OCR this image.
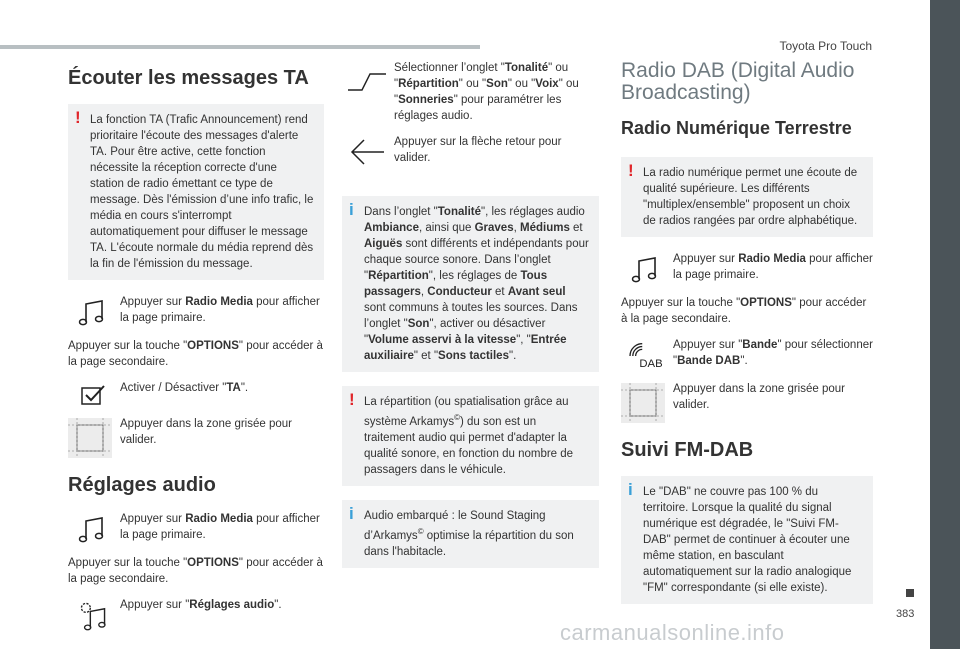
Toyota Pro Touch
383
carmanualsonline.info
Écouter les messages TA
! La fonction TA (Trafic Announcement) rend prioritaire l'écoute des messages d'alerte TA. Pour être active, cette fonction nécessite la réception correcte d'une station de radio émettant ce type de message. Dès l'émission d’une info trafic, le média en cours s'interrompt automatiquement pour diffuser le message TA. L'écoute normale du média reprend dès la fin de l'émission du message.
Appuyer sur Radio Media pour afficher la page primaire.

Appuyer sur la touche "OPTIONS" pour accéder à la page secondaire.

Activer / Désactiver "TA".
Appuyer dans la zone grisée pour valider.
Réglages audio
Appuyer sur Radio Media pour afficher la page primaire.

Appuyer sur la touche "OPTIONS" pour accéder à la page secondaire.

Appuyer sur "Réglages audio".
Sélectionner l’onglet "Tonalité" ou "Répartition" ou "Son" ou "Voix" ou "Sonneries" pour paramétrer les réglages audio.
Appuyer sur la flèche retour pour valider.
i Dans l’onglet "Tonalité", les réglages audio Ambiance, ainsi que Graves, Médiums et Aiguës sont différents et indépendants pour chaque source sonore. Dans l’onglet "Répartition", les réglages de Tous passagers, Conducteur et Avant seul sont communs à toutes les sources. Dans l’onglet "Son", activer ou désactiver "Volume asservi à la vitesse", "Entrée auxiliaire" et "Sons tactiles".
! La répartition (ou spatialisation grâce au système Arkamys©) du son est un traitement audio qui permet d'adapter la qualité sonore, en fonction du nombre de passagers dans le véhicule.
i Audio embarqué : le Sound Staging d’Arkamys© optimise la répartition du son dans l'habitacle.
Radio DAB (Digital Audio Broadcasting)
Radio Numérique Terrestre
! La radio numérique permet une écoute de qualité supérieure. Les différents "multiplex/ensemble" proposent un choix de radios rangées par ordre alphabétique.
Appuyer sur Radio Media pour afficher la page primaire.

Appuyer sur la touche "OPTIONS" pour accéder à la page secondaire.

DAB
Appuyer sur "Bande" pour sélectionner "Bande DAB".
Appuyer dans la zone grisée pour valider.
Suivi FM-DAB
i Le "DAB" ne couvre pas 100 % du territoire. Lorsque la qualité du signal numérique est dégradée, le "Suivi FM-DAB" permet de continuer à écouter une même station, en basculant automatiquement sur la radio analogique "FM" correspondante (si elle existe).
